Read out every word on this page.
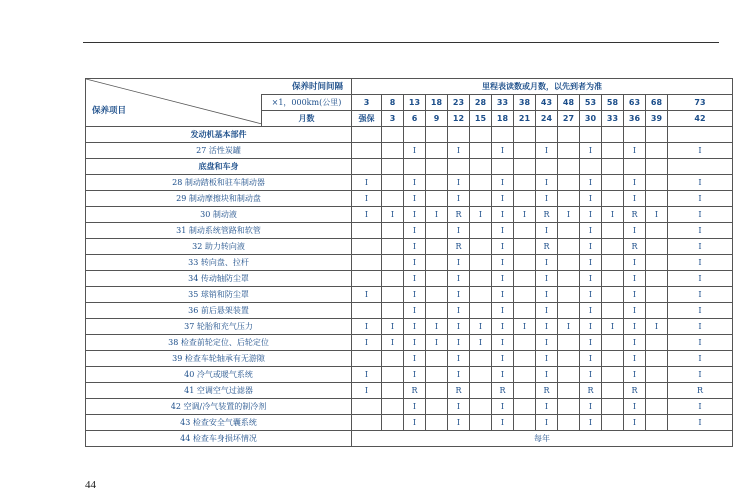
保养项目	保养时间间隔	里程表读数或月数，以先到者为准														
	×1，000km(公里)	3	8	13	18	23	28	33	38	43	48	53	58	63	68	73
	月数	强保	3	6	9	12	15	18	21	24	27	30	33	36	39	42
发动机基本部件																
27 活性炭罐				I		I		I		I		I		I		I
底盘和车身																
28 制动踏板和驻车制动器		I		I		I		I		I		I		I		I
29 制动摩擦块和制动盘		I		I		I		I		I		I		I		I
30 制动液		I	I	I	I	R	I	I	I	R	I	I	I	R	I	I
31 制动系统管路和软管				I		I		I		I		I		I		I
32 助力转向液				I		R		I		R		I		R		I
33 转向盘、拉杆				I		I		I		I		I		I		I
34 传动轴防尘罩				I		I		I		I		I		I		I
35 球销和防尘罩		I		I		I		I		I		I		I		I
36 前后悬架装置				I		I		I		I		I		I		I
37 轮胎和充气压力		I	I	I	I	I	I	I	I	I	I	I	I	I	I	I
38 检查前轮定位、后轮定位		I	I	I	I	I	I	I		I		I		I		I
39 检查车轮轴承有无游隙				I		I		I		I		I		I		I
40 冷气或暖气系统		I		I		I		I		I		I		I		I
41 空调空气过滤器		I		R		R		R		R		R		R		R
42 空调/冷气装置的制冷剂				I		I		I		I		I		I		I
43 检查安全气囊系统				I		I		I		I		I		I		I
44 检查车身损坏情况		每年														
44
